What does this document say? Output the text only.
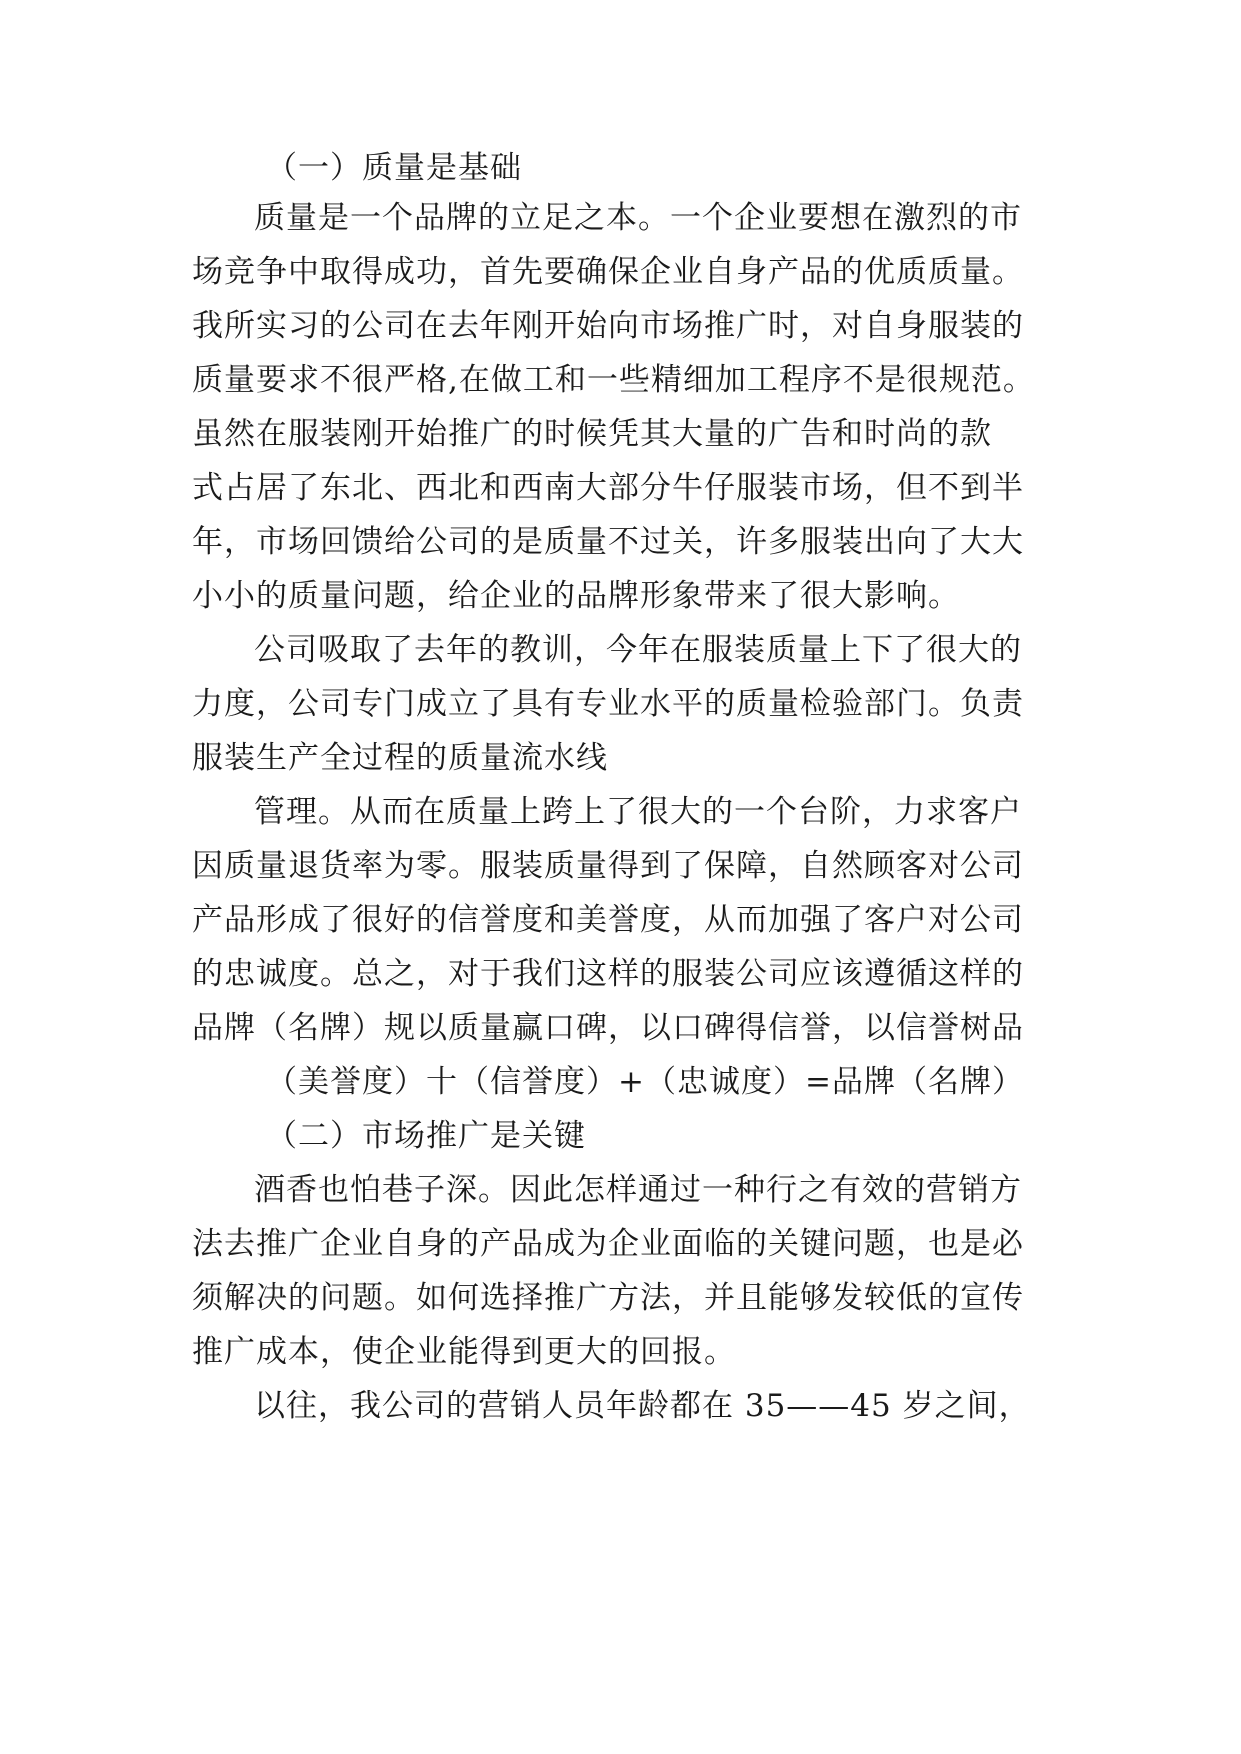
（一）质量是基础
质量是一个品牌的立足之本。一个企业要想在激烈的市
场竞争中取得成功，首先要确保企业自身产品的优质质量。
我所实习的公司在去年刚开始向市场推广时，对自身服装的
质量要求不很严格,在做工和一些精细加工程序不是很规范。
虽然在服装刚开始推广的时候凭其大量的广告和时尚的款
式占居了东北、西北和西南大部分牛仔服装市场，但不到半
年，市场回馈给公司的是质量不过关，许多服装出向了大大
小小的质量问题，给企业的品牌形象带来了很大影响。
公司吸取了去年的教训，今年在服装质量上下了很大的
力度，公司专门成立了具有专业水平的质量检验部门。负责
服装生产全过程的质量流水线
管理。从而在质量上跨上了很大的一个台阶，力求客户
因质量退货率为零。服装质量得到了保障，自然顾客对公司
产品形成了很好的信誉度和美誉度，从而加强了客户对公司
的忠诚度。总之，对于我们这样的服装公司应该遵循这样的
品牌（名牌）规以质量赢口碑，以口碑得信誉，以信誉树品
（美誉度）十（信誉度）+（忠诚度）=品牌（名牌）
（二）市场推广是关键
酒香也怕巷子深。因此怎样通过一种行之有效的营销方
法去推广企业自身的产品成为企业面临的关键问题，也是必
须解决的问题。如何选择推广方法，并且能够发较低的宣传
推广成本，使企业能得到更大的回报。
以往，我公司的营销人员年龄都在 35——45 岁之间，
